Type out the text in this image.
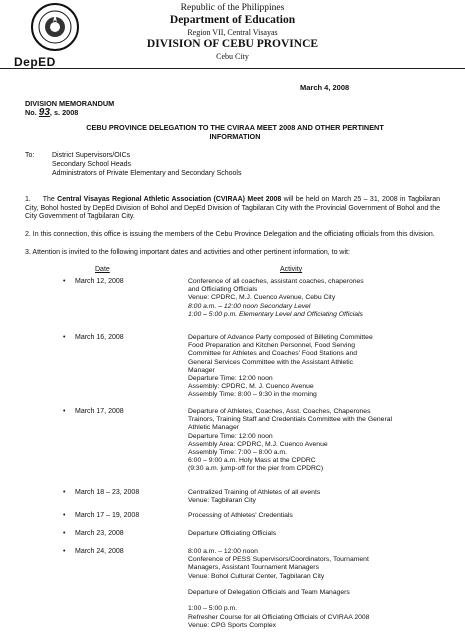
DepED
Republic of the Philippines
Department of Education
Region VII, Central Visayas
DIVISION OF CEBU PROVINCE
Cebu City
March 4, 2008
DIVISION MEMORANDUM
No. 93, s. 2008
CEBU PROVINCE DELEGATION TO THE CVIRAA MEET 2008 AND OTHER PERTINENT
INFORMATION
To:	District Supervisors/OICs
Secondary School Heads
Administrators of Private Elementary and Secondary Schools
1. The Central Visayas Regional Athletic Association (CVIRAA) Meet 2008 will be held on March 25 – 31, 2008 in Tagbilaran City, Bohol hosted by DepEd Division of Bohol and DepEd Division of Tagbilaran City with the Provincial Government of Bohol and the City Government of Tagbilaran City.
2. In this connection, this office is issuing the members of the Cebu Province Delegation and the officiating officials from this division.
3. Attention is invited to the following important dates and activities and other pertinent information, to wit:
Date	Activity
• March 12, 2008	Conference of all coaches, assistant coaches, chaperones
and Officiating Officials
Venue: CPDRC, M.J. Cuenco Avenue, Cebu City
8:00 a.m. – 12:00 noon Secondary Level
1:00 – 5:00 p.m. Elementary Level and Officiating Officials
• March 16, 2008	Departure of Advance Party composed of Billeting Committee
Food Preparation and Kitchen Personnel, Food Serving
Committee for Athletes and Coaches' Food Stations and
General Services Committee with the Assistant Athletic
Manager
Departure Time: 12:00 noon
Assembly: CPDRC, M. J. Cuenco Avenue
Assembly Time: 8:00 – 9:30 in the morning
• March 17, 2008	Departure of Athletes, Coaches, Asst. Coaches, Chaperones
Trainors, Training Staff and Credentials Committee with the General
Athletic Manager
Departure Time: 12:00 noon
Assembly Area: CPDRC, M.J. Cuenco Avenue
Assembly Time: 7:00 – 8:00 a.m.
6:00 – 9:00 a.m. Holy Mass at the CPDRC
(9:30 a.m. jump-off for the pier from CPDRC)
• March 18 – 23, 2008	Centralized Training of Athletes of all events
Venue: Tagbilaran City
• March 17 – 19, 2008	Processing of Athletes' Credentials
• March 23, 2008	Departure Officiating Officials
• March 24, 2008	8:00 a.m. – 12:00 noon
Conference of PESS Supervisors/Coordinators, Tournament
Managers, Assistant Tournament Managers
Venue: Bohol Cultural Center, Tagbilaran City

Departure of Delegation Officials and Team Managers

1:00 – 5:00 p.m.
Refresher Course for all Officiating Officials of CVIRAA 2008
Venue: CPG Sports Complex
